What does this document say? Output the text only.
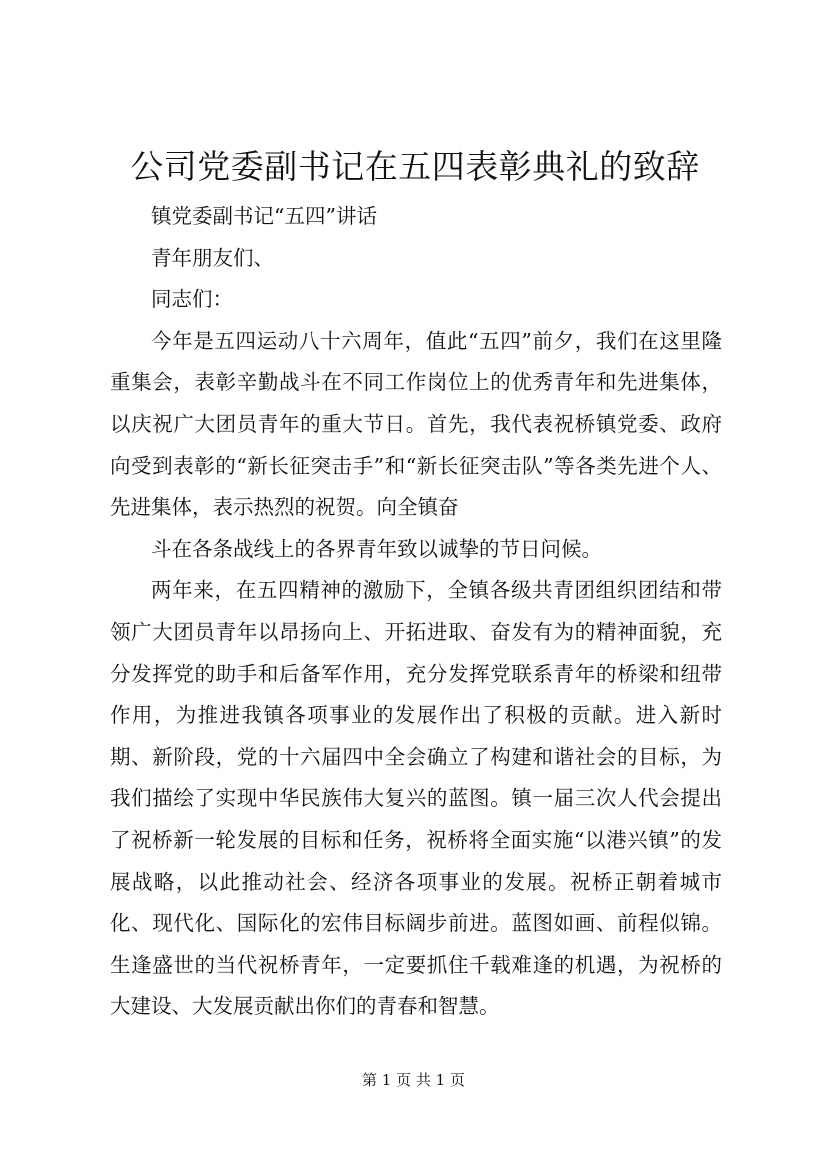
公司党委副书记在五四表彰典礼的致辞

镇党委副书记“五四”讲话

青年朋友们、

同志们：

今年是五四运动八十六周年，值此“五四”前夕，我们在这里隆重集会，表彰辛勤战斗在不同工作岗位上的优秀青年和先进集体，以庆祝广大团员青年的重大节日。首先，我代表祝桥镇党委、政府向受到表彰的“新长征突击手”和“新长征突击队”等各类先进个人、先进集体，表示热烈的祝贺。向全镇奋

斗在各条战线上的各界青年致以诚挚的节日问候。

两年来，在五四精神的激励下，全镇各级共青团组织团结和带领广大团员青年以昂扬向上、开拓进取、奋发有为的精神面貌，充分发挥党的助手和后备军作用，充分发挥党联系青年的桥梁和纽带作用，为推进我镇各项事业的发展作出了积极的贡献。进入新时期、新阶段，党的十六届四中全会确立了构建和谐社会的目标，为我们描绘了实现中华民族伟大复兴的蓝图。镇一届三次人代会提出了祝桥新一轮发展的目标和任务，祝桥将全面实施“以港兴镇”的发展战略，以此推动社会、经济各项事业的发展。祝桥正朝着城市化、现代化、国际化的宏伟目标阔步前进。蓝图如画、前程似锦。生逢盛世的当代祝桥青年，一定要抓住千载难逢的机遇，为祝桥的大建设、大发展贡献出你们的青春和智慧。

第 1 页 共 1 页
